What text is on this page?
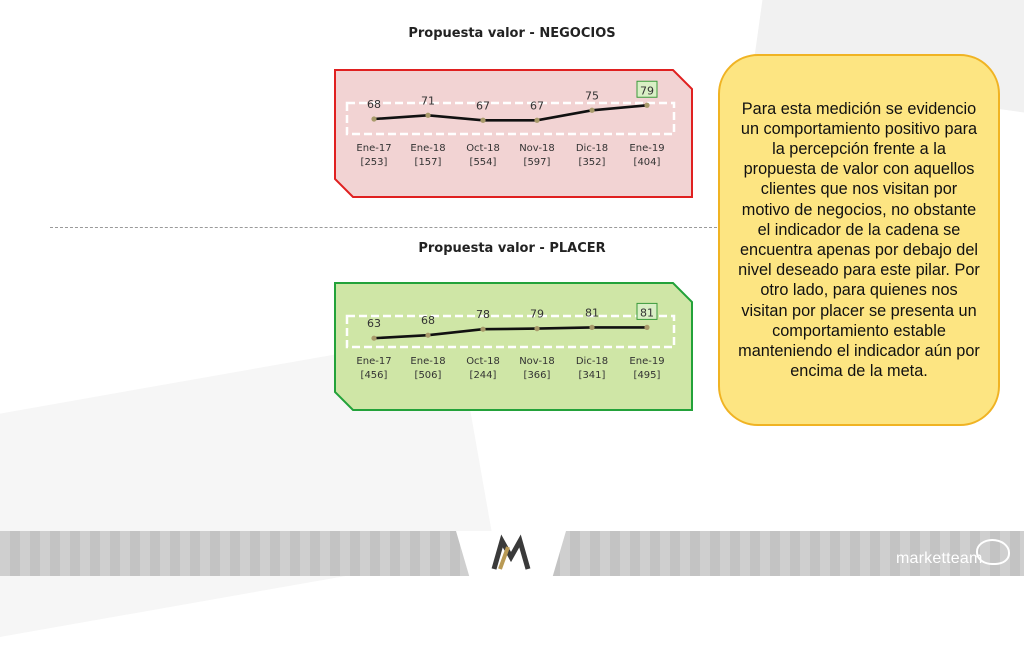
Propuesta valor - NEGOCIOS
Propuesta valor - PLACER
68
Ene-17
[253]
71
Ene-18
[157]
67
Oct-18
[554]
67
Nov-18
[597]
75
Dic-18
[352]
79
Ene-19
[404]
63
Ene-17
[456]
68
Ene-18
[506]
78
Oct-18
[244]
79
Nov-18
[366]
81
Dic-18
[341]
81
Ene-19
[495]
Para esta medición se evidencio un comportamiento positivo para la percepción frente a la propuesta de valor con aquellos clientes que nos visitan por motivo de negocios, no obstante el indicador de la cadena se encuentra apenas por debajo del nivel deseado para este pilar. Por otro lado, para quienes nos visitan por placer se presenta un comportamiento estable manteniendo el indicador aún por encima de la meta.
marketteam
